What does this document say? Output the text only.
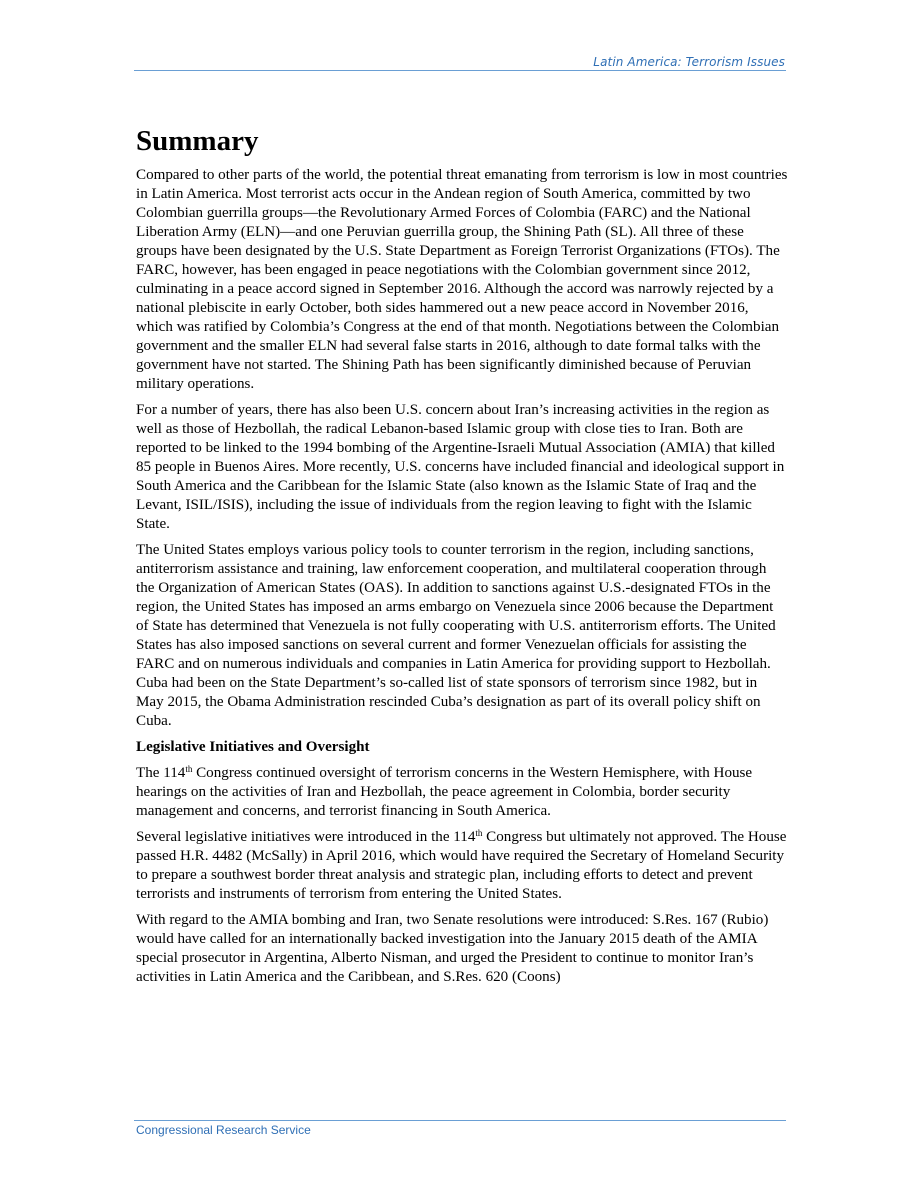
Latin America: Terrorism Issues
Summary

Compared to other parts of the world, the potential threat emanating from terrorism is low in most countries in Latin America. Most terrorist acts occur in the Andean region of South America, committed by two Colombian guerrilla groups—the Revolutionary Armed Forces of Colombia (FARC) and the National Liberation Army (ELN)—and one Peruvian guerrilla group, the Shining Path (SL). All three of these groups have been designated by the U.S. State Department as Foreign Terrorist Organizations (FTOs). The FARC, however, has been engaged in peace negotiations with the Colombian government since 2012, culminating in a peace accord signed in September 2016. Although the accord was narrowly rejected by a national plebiscite in early October, both sides hammered out a new peace accord in November 2016, which was ratified by Colombia’s Congress at the end of that month. Negotiations between the Colombian government and the smaller ELN had several false starts in 2016, although to date formal talks with the government have not started. The Shining Path has been significantly diminished because of Peruvian military operations.

For a number of years, there has also been U.S. concern about Iran’s increasing activities in the region as well as those of Hezbollah, the radical Lebanon-based Islamic group with close ties to Iran. Both are reported to be linked to the 1994 bombing of the Argentine-Israeli Mutual Association (AMIA) that killed 85 people in Buenos Aires. More recently, U.S. concerns have included financial and ideological support in South America and the Caribbean for the Islamic State (also known as the Islamic State of Iraq and the Levant, ISIL/ISIS), including the issue of individuals from the region leaving to fight with the Islamic State.

The United States employs various policy tools to counter terrorism in the region, including sanctions, antiterrorism assistance and training, law enforcement cooperation, and multilateral cooperation through the Organization of American States (OAS). In addition to sanctions against U.S.-designated FTOs in the region, the United States has imposed an arms embargo on Venezuela since 2006 because the Department of State has determined that Venezuela is not fully cooperating with U.S. antiterrorism efforts. The United States has also imposed sanctions on several current and former Venezuelan officials for assisting the FARC and on numerous individuals and companies in Latin America for providing support to Hezbollah. Cuba had been on the State Department’s so-called list of state sponsors of terrorism since 1982, but in May 2015, the Obama Administration rescinded Cuba’s designation as part of its overall policy shift on Cuba.

Legislative Initiatives and Oversight

The 114th Congress continued oversight of terrorism concerns in the Western Hemisphere, with House hearings on the activities of Iran and Hezbollah, the peace agreement in Colombia, border security management and concerns, and terrorist financing in South America.

Several legislative initiatives were introduced in the 114th Congress but ultimately not approved. The House passed H.R. 4482 (McSally) in April 2016, which would have required the Secretary of Homeland Security to prepare a southwest border threat analysis and strategic plan, including efforts to detect and prevent terrorists and instruments of terrorism from entering the United States.

With regard to the AMIA bombing and Iran, two Senate resolutions were introduced: S.Res. 167 (Rubio) would have called for an internationally backed investigation into the January 2015 death of the AMIA special prosecutor in Argentina, Alberto Nisman, and urged the President to continue to monitor Iran’s activities in Latin America and the Caribbean, and S.Res. 620 (Coons)

Congressional Research Service
